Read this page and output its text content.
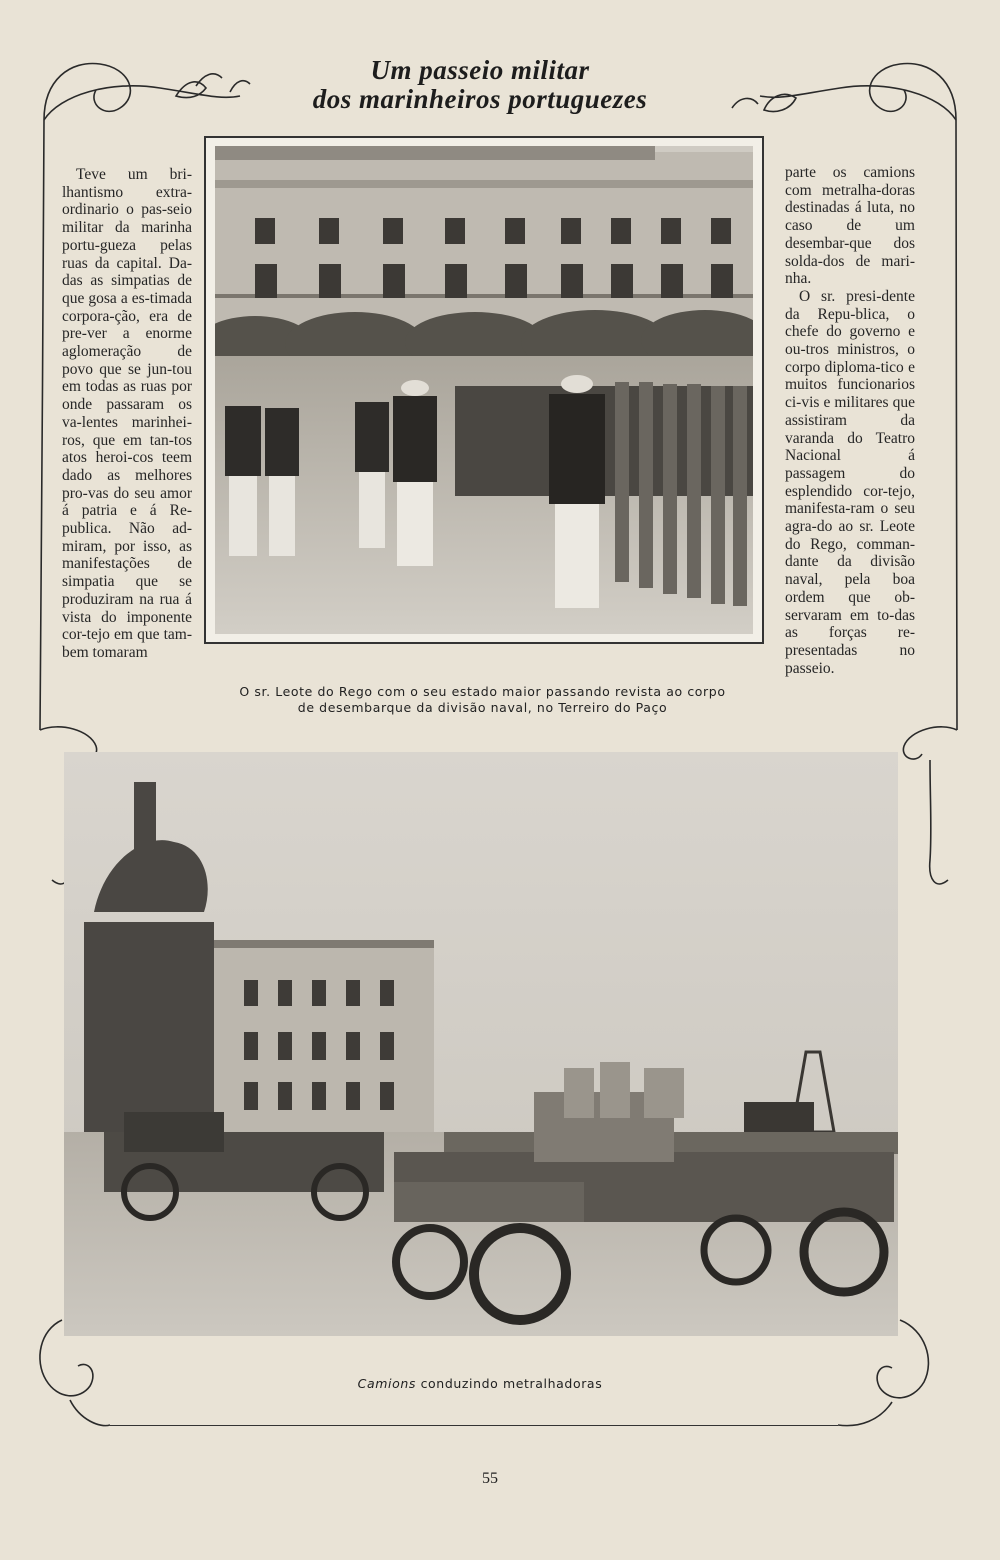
Um passeio militar
dos marinheiros portuguezes

Teve um bri-lhantismo extra-ordinario o pas-seio militar da marinha portu-gueza pelas ruas da capital. Da-das as simpatias de que gosa a es-timada corpora-ção, era de pre-ver a enorme aglomeração de povo que se jun-tou em todas as ruas por onde passaram os va-lentes marinhei-ros, que em tan-tos atos heroi-cos teem dado as melhores pro-vas do seu amor á patria e á Re-publica. Não ad-miram, por isso, as manifestações de simpatia que se produziram na rua á vista do imponente cor-tejo em que tam-bem tomaram

O sr. Leote do Rego com o seu estado maior passando revista ao corpo
de desembarque da divisão naval, no Terreiro do Paço

parte os camions com metralha-doras destinadas á luta, no caso de um desembar-que dos solda-dos de mari-nha.

O sr. presi-dente da Repu-blica, o chefe do governo e ou-tros ministros, o corpo diploma-tico e muitos funcionarios ci-vis e militares que assistiram da varanda do Teatro Nacional á passagem do esplendido cor-tejo, manifesta-ram o seu agra-do ao sr. Leote do Rego, comman-dante da divisão naval, pela boa ordem que ob-servaram em to-das as forças re-presentadas no passeio.

Camions conduzindo metralhadoras
55
